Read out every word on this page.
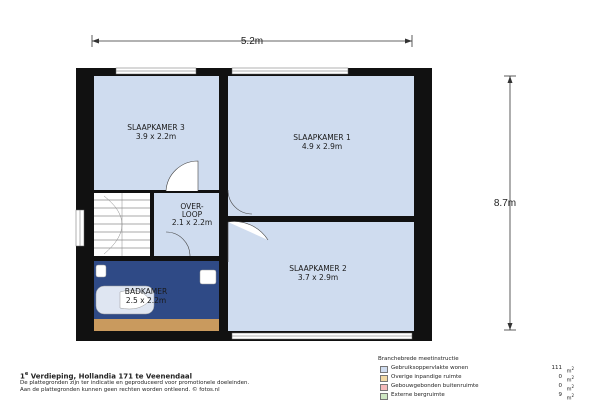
5.2m
8.7m
SLAAPKAMER 3
3.9 x 2.2m	SLAAPKAMER 1
4.9 x 2.9m
OVER-
LOOP
2.1 x 2.2m
SLAAPKAMER 2
3.7 x 2.9m
BADKAMER
2.5 x 2.2m
1e Verdieping, Hollandia 171 te Veenendaal
De plattegronden zijn ter indicatie en geproduceerd voor promotionele doeleinden.
Aan de plattegronden kunnen geen rechten worden ontleend. © fotos.nl
Branchebrede meetinstructie
Gebruiksoppervlakte wonen	111
$m^2$
Overige inpandige ruimte	0
$m^2$
Gebouwgebonden buitenruimte	0
$m^2$
Externe bergruimte	9
$m^2$
